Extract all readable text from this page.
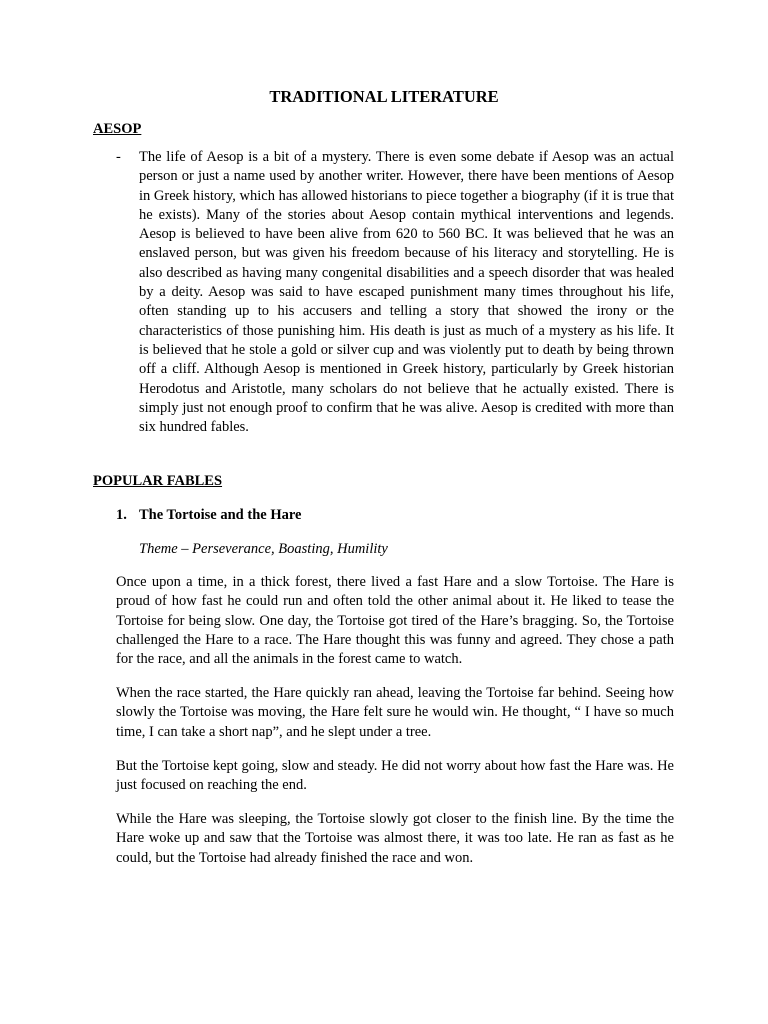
TRADITIONAL LITERATURE
AESOP
- The life of Aesop is a bit of a mystery. There is even some debate if Aesop was an actual person or just a name used by another writer. However, there have been mentions of Aesop in Greek history, which has allowed historians to piece together a biography (if it is true that he exists). Many of the stories about Aesop contain mythical interventions and legends. Aesop is believed to have been alive from 620 to 560 BC. It was believed that he was an enslaved person, but was given his freedom because of his literacy and storytelling. He is also described as having many congenital disabilities and a speech disorder that was healed by a deity. Aesop was said to have escaped punishment many times throughout his life, often standing up to his accusers and telling a story that showed the irony or the characteristics of those punishing him. His death is just as much of a mystery as his life. It is believed that he stole a gold or silver cup and was violently put to death by being thrown off a cliff. Although Aesop is mentioned in Greek history, particularly by Greek historian Herodotus and Aristotle, many scholars do not believe that he actually existed. There is simply just not enough proof to confirm that he was alive. Aesop is credited with more than six hundred fables.
POPULAR FABLES
1. The Tortoise and the Hare
Theme – Perseverance, Boasting, Humility
Once upon a time, in a thick forest, there lived a fast Hare and a slow Tortoise. The Hare is proud of how fast he could run and often told the other animal about it. He liked to tease the Tortoise for being slow. One day, the Tortoise got tired of the Hare’s bragging. So, the Tortoise challenged the Hare to a race. The Hare thought this was funny and agreed. They chose a path for the race, and all the animals in the forest came to watch.
When the race started, the Hare quickly ran ahead, leaving the Tortoise far behind. Seeing how slowly the Tortoise was moving, the Hare felt sure he would win. He thought, “ I have so much time, I can take a short nap”, and he slept under a tree.
But the Tortoise kept going, slow and steady. He did not worry about how fast the Hare was. He just focused on reaching the end.
While the Hare was sleeping, the Tortoise slowly got closer to the finish line. By the time the Hare woke up and saw that the Tortoise was almost there, it was too late. He ran as fast as he could, but the Tortoise had already finished the race and won.
